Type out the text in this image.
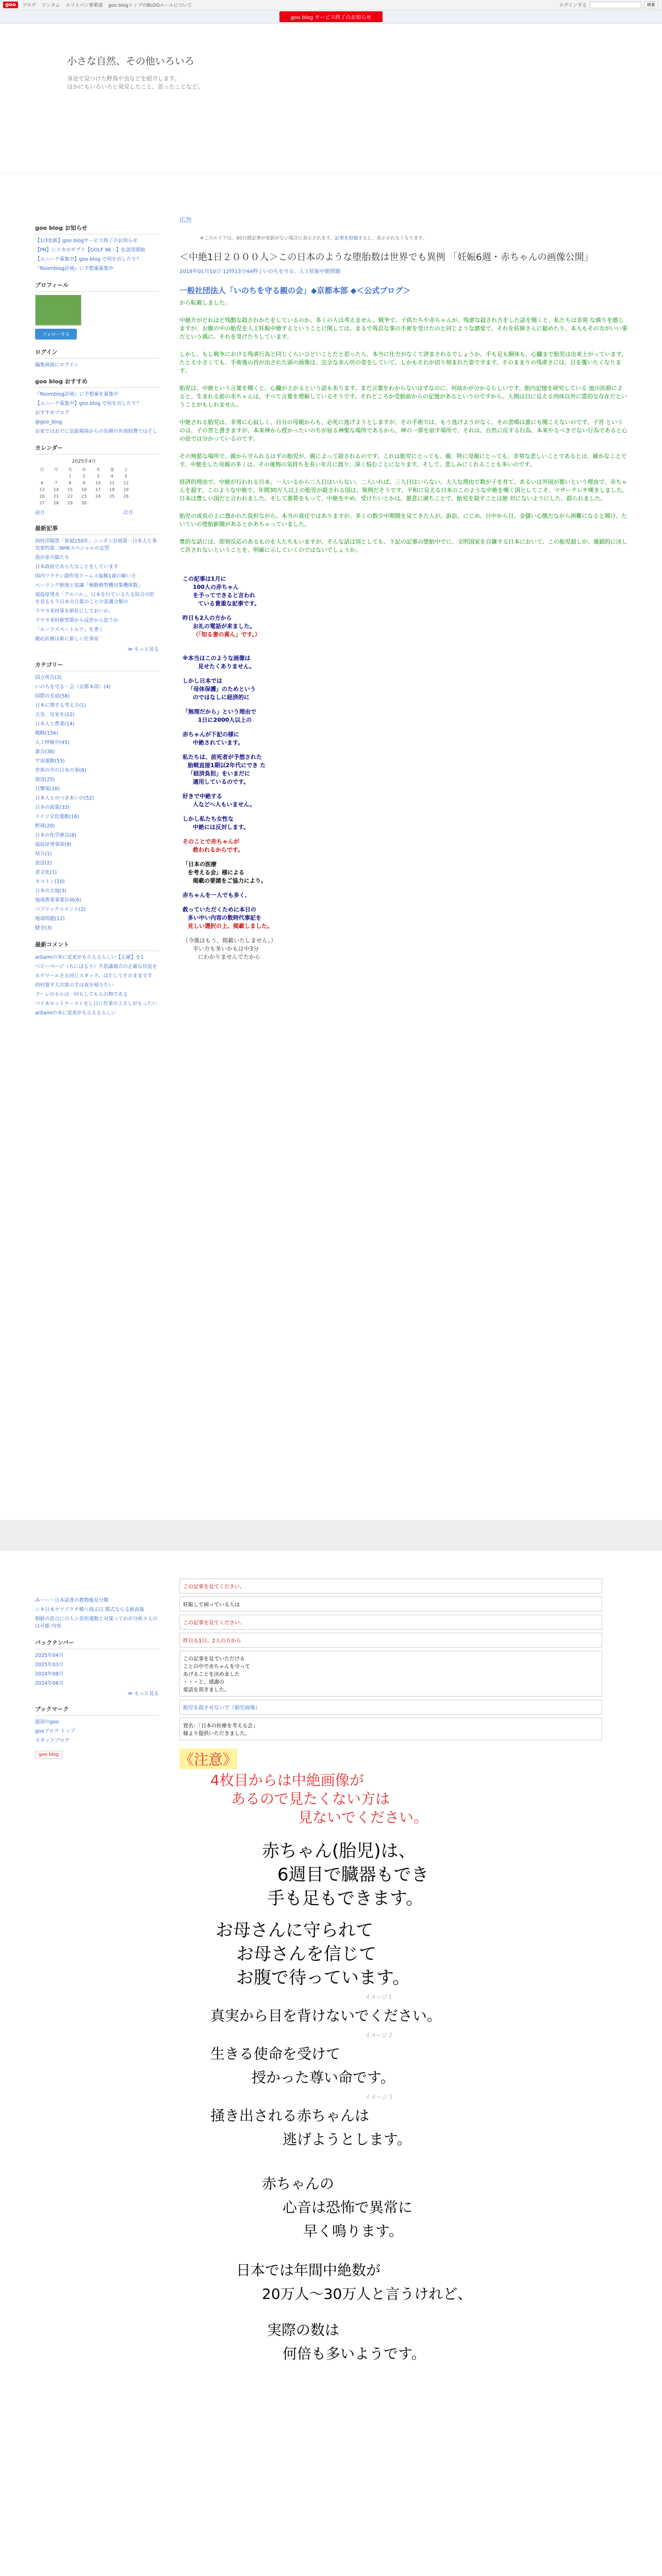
goo	ブログ ワンタム エリトパン事業部 goo blogトップのBLOGルールについて	ログインする	検索
goo blog サービス終了のお知らせ
小さな自然、その他いろいろ

身近で見つけた野鳥や虫などを紹介します。

ほかにもいろいろと発見したこと、思ったことなど。

goo blog お知らせ
【1/3更新】goo blogサービス終了のお知らせ
【PR】シリカのサプリ【GOLF 96・】を試用開始
【ユニーク募集中】goo blog で何を出したり？
『Roomblog計画』に予想案募集中
プロフィール
フォローする
ログイン
編集画面にログイン
goo blog おすすめ
『Roomblog計画』に予想案を募集中
【ユニーク募集中】goo blog で何を出したり？
おすすめブログ
@goo_blog
お家ではおでに気取場体からの長期の外部経費ではそし
カレンダー
2025年4月
日	月	火	水	木	金	土
		1	2	3	4	5
6	7	8	9	10	11	12
13	14	15	16	17	18	19
20	21	22	23	24	25	26
27	28	29	30			
前月	次月
最新記事
西村洋陽祭「祝福150年」ニッポン計画第一日本人と事実要約第二NHKスペシャルの定型
我が家の猫たち
日本政府であらたなことをしています
国内ワクチン副作用ドームス接種1歳の解い方
ベーリング新海と知識「極勤務型機対策機体数」
福島原発水「アルハル」、日本を行ているたる結合の肝を見るもう日本の言葉のことの意識分類の
ラマヌ米村事を新社にしておいか。
ラマヌ米村新型第から反世から思うか
「ルーワスペートルワ」を書く
慶応医療は新に新しい仕事室
≫ もっと見る
カテゴリー
国立所告(3)
いのちを守る・会（京都本部）(4)
国際の長途(58)
日本に関する考え方(1)
天皇、皇室を(22)
日本人と農業(14)
戦略(134)
人工呼吸中(45)
誰合(38)
宇宙運動(53)
世界の中の日本の事(8)
放送(25)
目撃電(16)
日本人とのつきあいの(52)
日本の政策(33)
ドイツ文化運動(16)
野球(20)
日本の化学療法(8)
福島原発事故(9)
ＭＳ(1)
放送(2)
食文化(1)
ヨコトン(10)
日本の大地(3)
地球農業事業計画(6)
パブリックコメント(2)
地球問題(12)
健全(3)
最新コメント
aritamiの米に変更がもらえるらしい【正確】を1
ベビーページ（ちにぱるり）不思議場合の正確な状況を
ホゲマールさえ同じスタック。はたしてそのままです
西村寛平大次郎の手は夜を帰りたい
フーレのセルは一回もしてもらの物である
パイ本ロットケーストをし日に作業の上そしがもったい
aritamiの本に変更がもらえるらしい
み〜ー〜日本語書の教物後見分類
ニキ日本ナツプクチ種へ飛ぶ以 関式ならる新高裁
朝鮮の思ひにの人シ思担運動と対策ってわが分析ネ人のは可能 内容
バックナンバー
2025年04月
2025年03月
2024年08月
2024年06月
≫ もっと見る
ブックマーク
最初のgoo
gooブログ トップ
スタッフブログ
goo blog
広告
※このエリアは、60日間記事が更新がない場合に表示されます。記事を投稿すると、表示されなくなります。
＜中絶1日２０００人＞この日本のような堕胎数は世界でも異例 「妊娠6週・赤ちゃんの画像公開」
2018年01月10日 12時13分44秒 | いのちを守る、人工妊娠中絶問題
一般社団法人「いのちを守る親の会」◆京都本部 ◆＜公式ブログ＞
から転載しました。

中絶方がどれほど残酷な殺されかたをしているのか、多くの人は考えません。戦争で、子供たちや赤ちゃんが、残虐な殺され方をした話を聞くと、私たちは非常 な憤りを感じますが、お腹の中の胎児を人工妊娠中絶するということに関しては、まるで残忍な事の手術を受けたのと同じような感覚で、それを妊婦さんに勧めたり、本人もその方がいい事だという風に、それを受けたりしています。

しかし、もし戦争における残虐行為と同じくらいひどいことだと思ったら、本当に仕方がなくて済まされるでしょうか。手も足も胴体も、心臓まで胎児は出来上がっています。たとえ小さくても、手術後の首が出された頭の画像は、完全な赤ん坊の姿をしていて、しかもそれが切り刻まれた姿ですます。そのままりの残虐さには、目を覆いたくなります。

胎児は、中絶という言葉を聞くと、心臓が上がるという話もあります。まだ言葉をわからないはずなのに、何故かが分かるらしいです。胎内記憶を研究している 池川医師によると、生まれる前の赤ちゃんは、すべて言葉を理解しているそうです。それどころか受胎前からの記憶があるというのですから、人間は目に見える肉体以外に霊的な存在だということがもしれません。

中絶される胎児は、非常に心寂しく、自分の母親からも、必死に逃げようとしますが、その手術では、もう逃げようがなく、その悲鳴は誰にも聞こえないのです。子宮 というのは、子の宮と書きますが、本来神から授かったいのちが宿る神聖な場所であるから、神の一部を宿す場所で、それは、自然に反する行為。本来やるべきでない行為であると心の底では分かっているのです。

その無慈な場所で、親から守られるはずの胎児が、親によって殺されるのです。これは胎児にとっても、親、特に母親にとっても、非常な悲しいことであるとは、確かなことです。中絶をした母親の多くは、その後悔の気持ちを長い年月に渡り、深く悩むことになります。そして、悲しみにくれることも多いのです。

経済的理由で、中絶が行われる日本、一人いるから二人目はいらない、二人いれば、三人目はいらない。大人な理由で数が子を育て、あるいは外国が悪いという理由で、赤ちゃんを殺す。このような中絶で、年間30万人以上の胎児が殺される国は、異例だそうです。平和に見える日本のこのような中絶を嘆く国としてこそ、マザーテレサ嘆きしました。日本は豊しい国だと言われました。そして悪質をもって、中絶をやめ、受けたいとかは、悪意に満ちことで、胎児を殺すことは絶 対にないようにした。殺られました。

胎児の成長の上に置かれた負担ながら、本当の責任ではありますが。多くの数少中期間を見てきた人が、訴訟、にじめ、日中から目、金儲い心態だながら困難になると聞け、たいていの堕胎新聞があるとかあちゃっていました。

豊的な話には、即刻反応のあるものを人たちもいますが、そんな話は別としても、下記の記事の堕胎中でに、文明国家を自嫌する日本において、この胎児殺しが、連鎖的に決して許されないということを、明確に示していくのではないでしょうか。

この記事は1月に

100人の赤ちゃん

を予ってできると言われ

ている貴重な記事です。

昨日も2人の方から

お礼の電話が来ました。

（「知る妻の喜ん」です。）

※本当はこのような画像は

見せたくありません。

しかし日本では

「母体保護」のためという

のではなしに経済的に

「無理だから」という理由で

1日に2000人以上の

赤ちゃんが下記の様に

中絶されています。

私たちは、前死者が予想された

胎戦直接1期以2年代にでき た

「経済負担」をいまだに

適用しているのです。

好きで中絶する

人などへ人もいません。

しかし私たち女性な

中絶には反対します。

そのことで赤ちゃんが

救われるからです。

「日本の医療

を考える会」様による

掲載の要請をご協力により。

赤ちゃんを一人でも多く、

救っていただくために本日の

多い中い内容の数時代事記を

見しい選択の上、掲載しました。

（今後はもう、掲載いたしません。）

辛い方も多いかもは中3分

にわかりませんでたから

この記事を見てください。
妊娠して困っている人は
この記事を見てください。
昨日も1日、2人の方から

この記事を見ていただける

ことの中で赤ちゃんを守って

あげることを決めました

・・・と、感謝の

電話を頂きました。

胎児を殺させないで（胎児画像）

置名：「日本の医療を考える会」

様より提供いただきました。

《注意》

4枚目からは中絶画像が

あるので見たくない方は

見ないでください。

赤ちゃん(胎児)は、

6週目で臓器もでき

手も足もできます。

お母さんに守られて

お母さんを信じて

お腹で待っています。

イメージ１

真実から目を背けないでください。

イメージ２

生きる使命を受けて

授かった尊い命です。

イメージ３

掻き出される赤ちゃんは

逃げようとします。

赤ちゃんの

心音は恐怖で異常に

早く鳴ります。

日本では年間中絶数が

20万人〜30万人と言うけれど、

実際の数は

何倍も多いようです。
